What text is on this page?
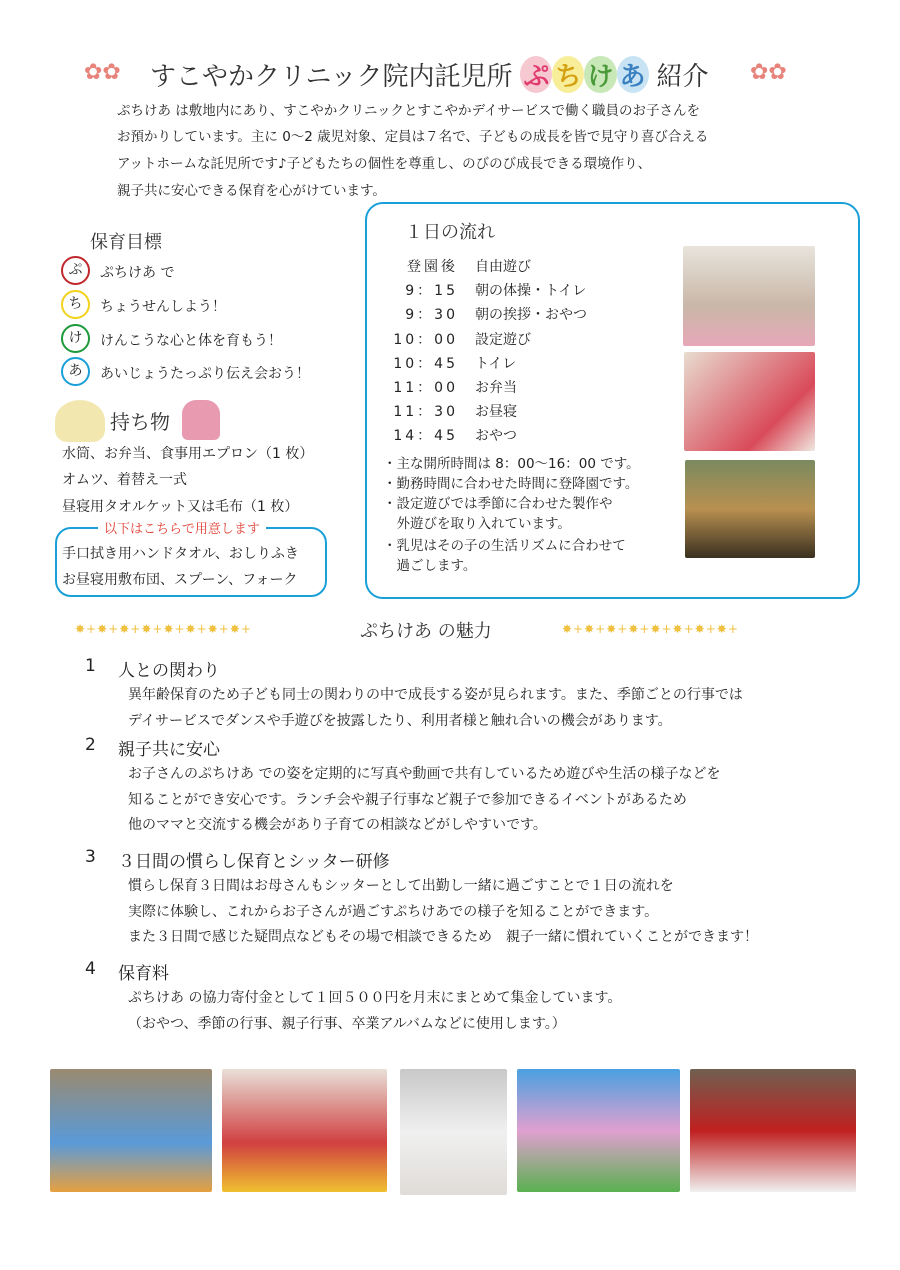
✿✿ すこやかクリニック院内託児所 ぷ ち け あ 紹介 ✿✿
ぷちけあ は敷地内にあり、すこやかクリニックとすこやかデイサービスで働く職員のお子さんを
お預かりしています。主に 0〜2 歳児対象、定員は７名で、子どもの成長を皆で見守り喜び合える
アットホームな託児所です♪子どもたちの個性を尊重し、のびのび成長できる環境作り、
親子共に安心できる保育を心がけています。
保育目標
ぷ	ぷちけあ で
ち	ちょうせんしよう！
け	けんこうな心と体を育もう！
あ	あいじょうたっぷり伝え会おう！
持ち物
水筒、お弁当、食事用エプロン（1 枚）
オムツ、着替え一式
昼寝用タオルケット又は毛布（1 枚）
以下はこちらで用意します
手口拭き用ハンドタオル、おしりふき
お昼寝用敷布団、スプーン、フォーク
１日の流れ
登園後 自由遊び
9：15 朝の体操・トイレ
9：30 朝の挨拶・おやつ
10：00 設定遊び
10：45 トイレ
11：00 お弁当
11：30 お昼寝
14：45 おやつ
・主な開所時間は 8：00〜16：00 です。
・勤務時間に合わせた時間に登降園です。
・設定遊びでは季節に合わせた製作や
　外遊びを取り入れています。
・乳児はその子の生活リズムに合わせて
　過ごします。
✸+✸+✸+✸+✸+✸+✸+✸+	ぷちけあ の魅力	✸+✸+✸+✸+✸+✸+✸+✸+
1 人との関わり
異年齢保育のため子ども同士の関わりの中で成長する姿が見られます。また、季節ごとの行事では
デイサービスでダンスや手遊びを披露したり、利用者様と触れ合いの機会があります。
2 親子共に安心
お子さんのぷちけあ での姿を定期的に写真や動画で共有しているため遊びや生活の様子などを
知ることができ安心です。ランチ会や親子行事など親子で参加できるイベントがあるため
他のママと交流する機会があり子育ての相談などがしやすいです。
3 ３日間の慣らし保育とシッター研修
慣らし保育３日間はお母さんもシッターとして出勤し一緒に過ごすことで１日の流れを
実際に体験し、これからお子さんが過ごすぷちけあでの様子を知ることができます。
また３日間で感じた疑問点などもその場で相談できるため　親子一緒に慣れていくことができます！
4 保育料
ぷちけあ の協力寄付金として１回５００円を月末にまとめて集金しています。
（おやつ、季節の行事、親子行事、卒業アルバムなどに使用します。）
